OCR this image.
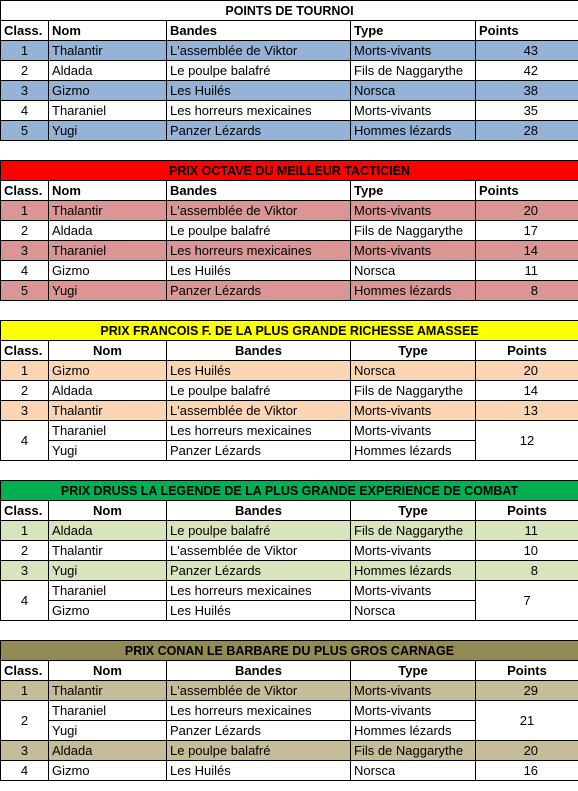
POINTS DE TOURNOI				
Class.	Nom	Bandes	Type	Points
1	Thalantir	L'assemblée de Viktor	Morts-vivants	43
2	Aldada	Le poulpe balafré	Fils de Naggarythe	42
3	Gizmo	Les Huilés	Norsca	38
4	Tharaniel	Les horreurs mexicaines	Morts-vivants	35
5	Yugi	Panzer Lézards	Hommes lézards	28

PRIX OCTAVE DU MEILLEUR TACTICIEN				
Class.	Nom	Bandes	Type	Points
1	Thalantir	L'assemblée de Viktor	Morts-vivants	20
2	Aldada	Le poulpe balafré	Fils de Naggarythe	17
3	Tharaniel	Les horreurs mexicaines	Morts-vivants	14
4	Gizmo	Les Huilés	Norsca	11
5	Yugi	Panzer Lézards	Hommes lézards	8

PRIX FRANCOIS F. DE LA PLUS GRANDE RICHESSE AMASSEE				
Class.	Nom	Bandes	Type	Points
1	Gizmo	Les Huilés	Norsca	20
2	Aldada	Le poulpe balafré	Fils de Naggarythe	14
3	Thalantir	L'assemblée de Viktor	Morts-vivants	13
4	Tharaniel	Les horreurs mexicaines	Morts-vivants	12
	Yugi	Panzer Lézards	Hommes lézards	

PRIX DRUSS LA LEGENDE DE LA PLUS GRANDE EXPERIENCE DE COMBAT				
Class.	Nom	Bandes	Type	Points
1	Aldada	Le poulpe balafré	Fils de Naggarythe	11
2	Thalantir	L'assemblée de Viktor	Morts-vivants	10
3	Yugi	Panzer Lézards	Hommes lézards	8
4	Tharaniel	Les horreurs mexicaines	Morts-vivants	7
	Gizmo	Les Huilés	Norsca	

PRIX CONAN LE BARBARE DU PLUS GROS CARNAGE				
Class.	Nom	Bandes	Type	Points
1	Thalantir	L'assemblée de Viktor	Morts-vivants	29
2	Tharaniel	Les horreurs mexicaines	Morts-vivants	21
	Yugi	Panzer Lézards	Hommes lézards	
3	Aldada	Le poulpe balafré	Fils de Naggarythe	20
4	Gizmo	Les Huilés	Norsca	16
